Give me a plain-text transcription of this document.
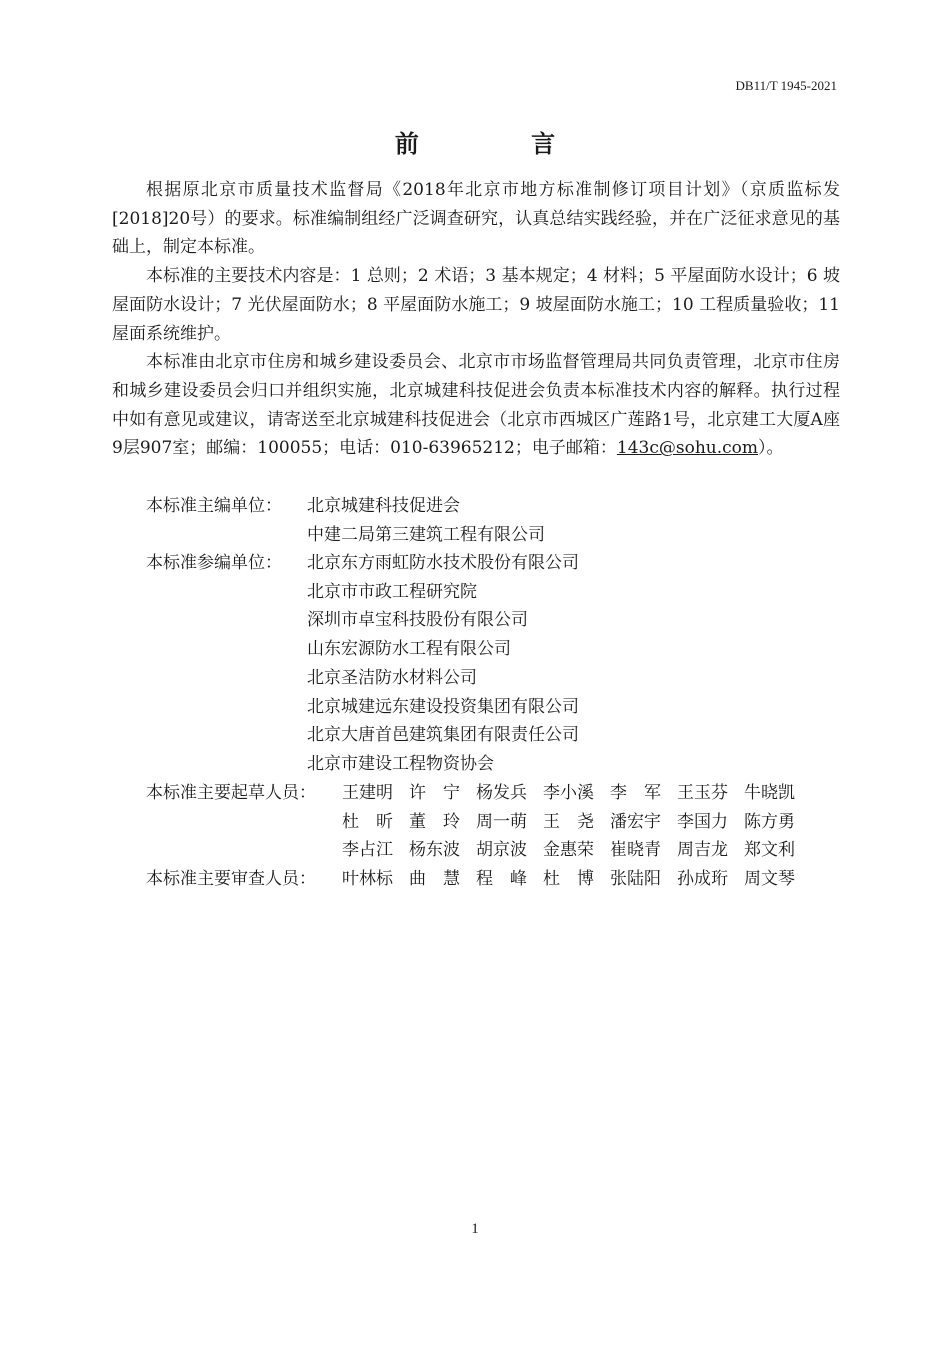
DB11/T 1945-2021
前 言

根据原北京市质量技术监督局《2018年北京市地方标准制修订项目计划》（京质监标发[2018]20号）的要求。标准编制组经广泛调查研究，认真总结实践经验，并在广泛征求意见的基础上，制定本标准。

本标准的主要技术内容是：1 总则；2 术语；3 基本规定；4 材料；5 平屋面防水设计；6 坡屋面防水设计；7 光伏屋面防水；8 平屋面防水施工；9 坡屋面防水施工；10 工程质量验收；11 屋面系统维护。

本标准由北京市住房和城乡建设委员会、北京市市场监督管理局共同负责管理，北京市住房和城乡建设委员会归口并组织实施，北京城建科技促进会负责本标准技术内容的解释。执行过程中如有意见或建议，请寄送至北京城建科技促进会（北京市西城区广莲路1号，北京建工大厦A座9层907室；邮编：100055；电话：010-63965212；电子邮箱：143c@sohu.com）。

本标准主编单位：	北京城建科技促进会
中建二局第三建筑工程有限公司
本标准参编单位：	北京东方雨虹防水技术股份有限公司
北京市市政工程研究院
深圳市卓宝科技股份有限公司
山东宏源防水工程有限公司
北京圣洁防水材料公司
北京城建远东建设投资集团有限公司
北京大唐首邑建筑集团有限责任公司
北京市建设工程物资协会
本标准主要起草人员：	王建明 许　宁 杨发兵 李小溪 李　军 王玉芬 牛晓凯
杜　昕 董　玲 周一萌 王　尧 潘宏宇 李国力 陈方勇
李占江 杨东波 胡京波 金惠荣 崔晓青 周吉龙 郑文利
本标准主要审查人员：	叶林标 曲　慧 程　峰 杜　博 张陆阳 孙成珩 周文琴
1
